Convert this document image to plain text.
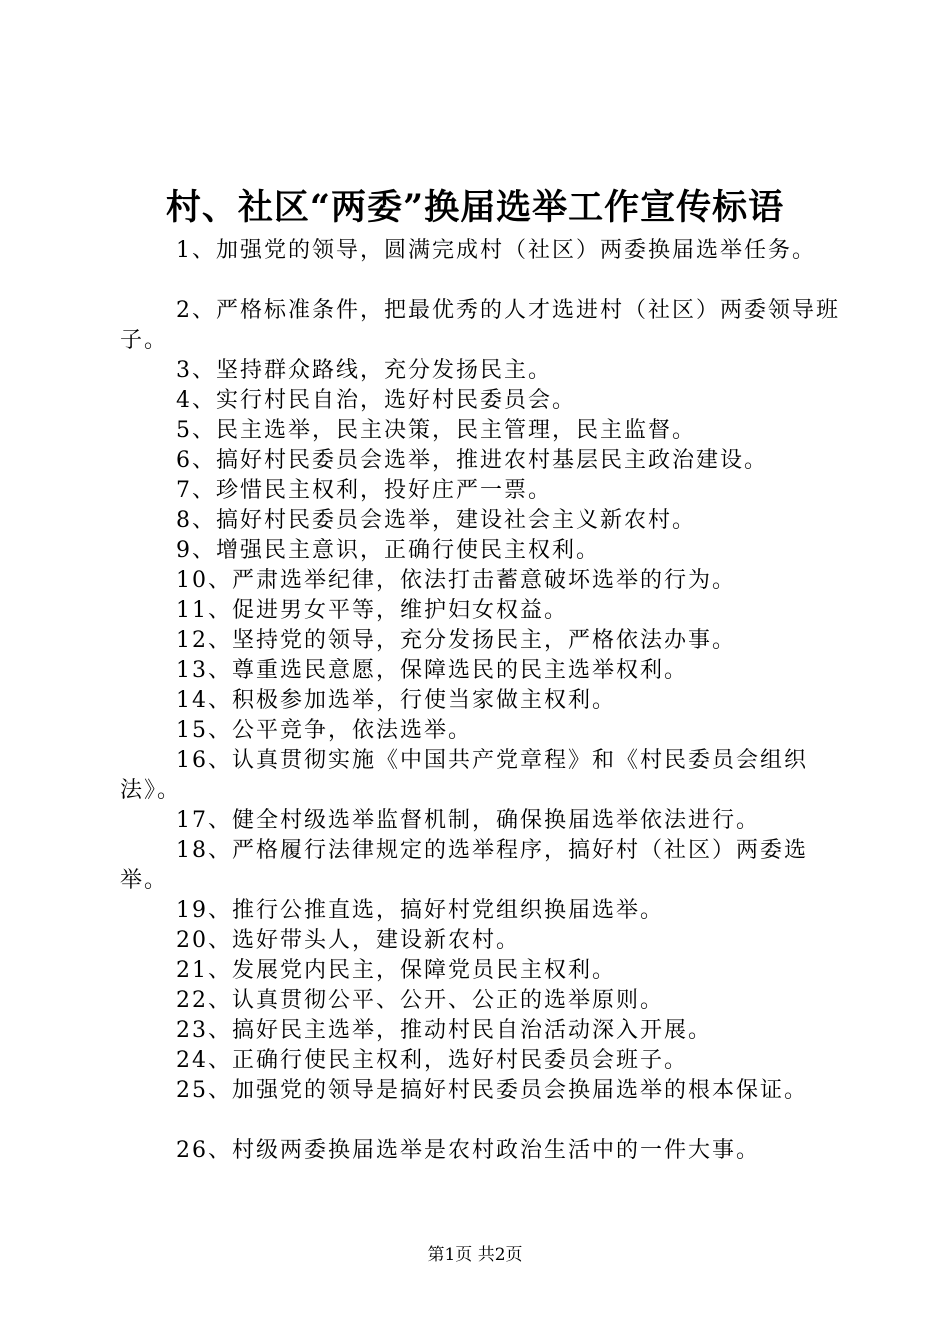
村、社区“两委”换届选举工作宣传标语

1、加强党的领导，圆满完成村（社区）两委换届选举任务。

2、严格标准条件，把最优秀的人才选进村（社区）两委领导班子。

3、坚持群众路线，充分发扬民主。

4、实行村民自治，选好村民委员会。

5、民主选举，民主决策，民主管理，民主监督。

6、搞好村民委员会选举，推进农村基层民主政治建设。

7、珍惜民主权利，投好庄严一票。

8、搞好村民委员会选举，建设社会主义新农村。

9、增强民主意识，正确行使民主权利。

10、严肃选举纪律，依法打击蓄意破坏选举的行为。

11、促进男女平等，维护妇女权益。

12、坚持党的领导，充分发扬民主，严格依法办事。

13、尊重选民意愿，保障选民的民主选举权利。

14、积极参加选举，行使当家做主权利。

15、公平竞争，依法选举。

16、认真贯彻实施《中国共产党章程》和《村民委员会组织法》。

17、健全村级选举监督机制，确保换届选举依法进行。

18、严格履行法律规定的选举程序，搞好村（社区）两委选举。

19、推行公推直选，搞好村党组织换届选举。

20、选好带头人，建设新农村。

21、发展党内民主，保障党员民主权利。

22、认真贯彻公平、公开、公正的选举原则。

23、搞好民主选举，推动村民自治活动深入开展。

24、正确行使民主权利，选好村民委员会班子。

25、加强党的领导是搞好村民委员会换届选举的根本保证。

26、村级两委换届选举是农村政治生活中的一件大事。

第1页 共2页
